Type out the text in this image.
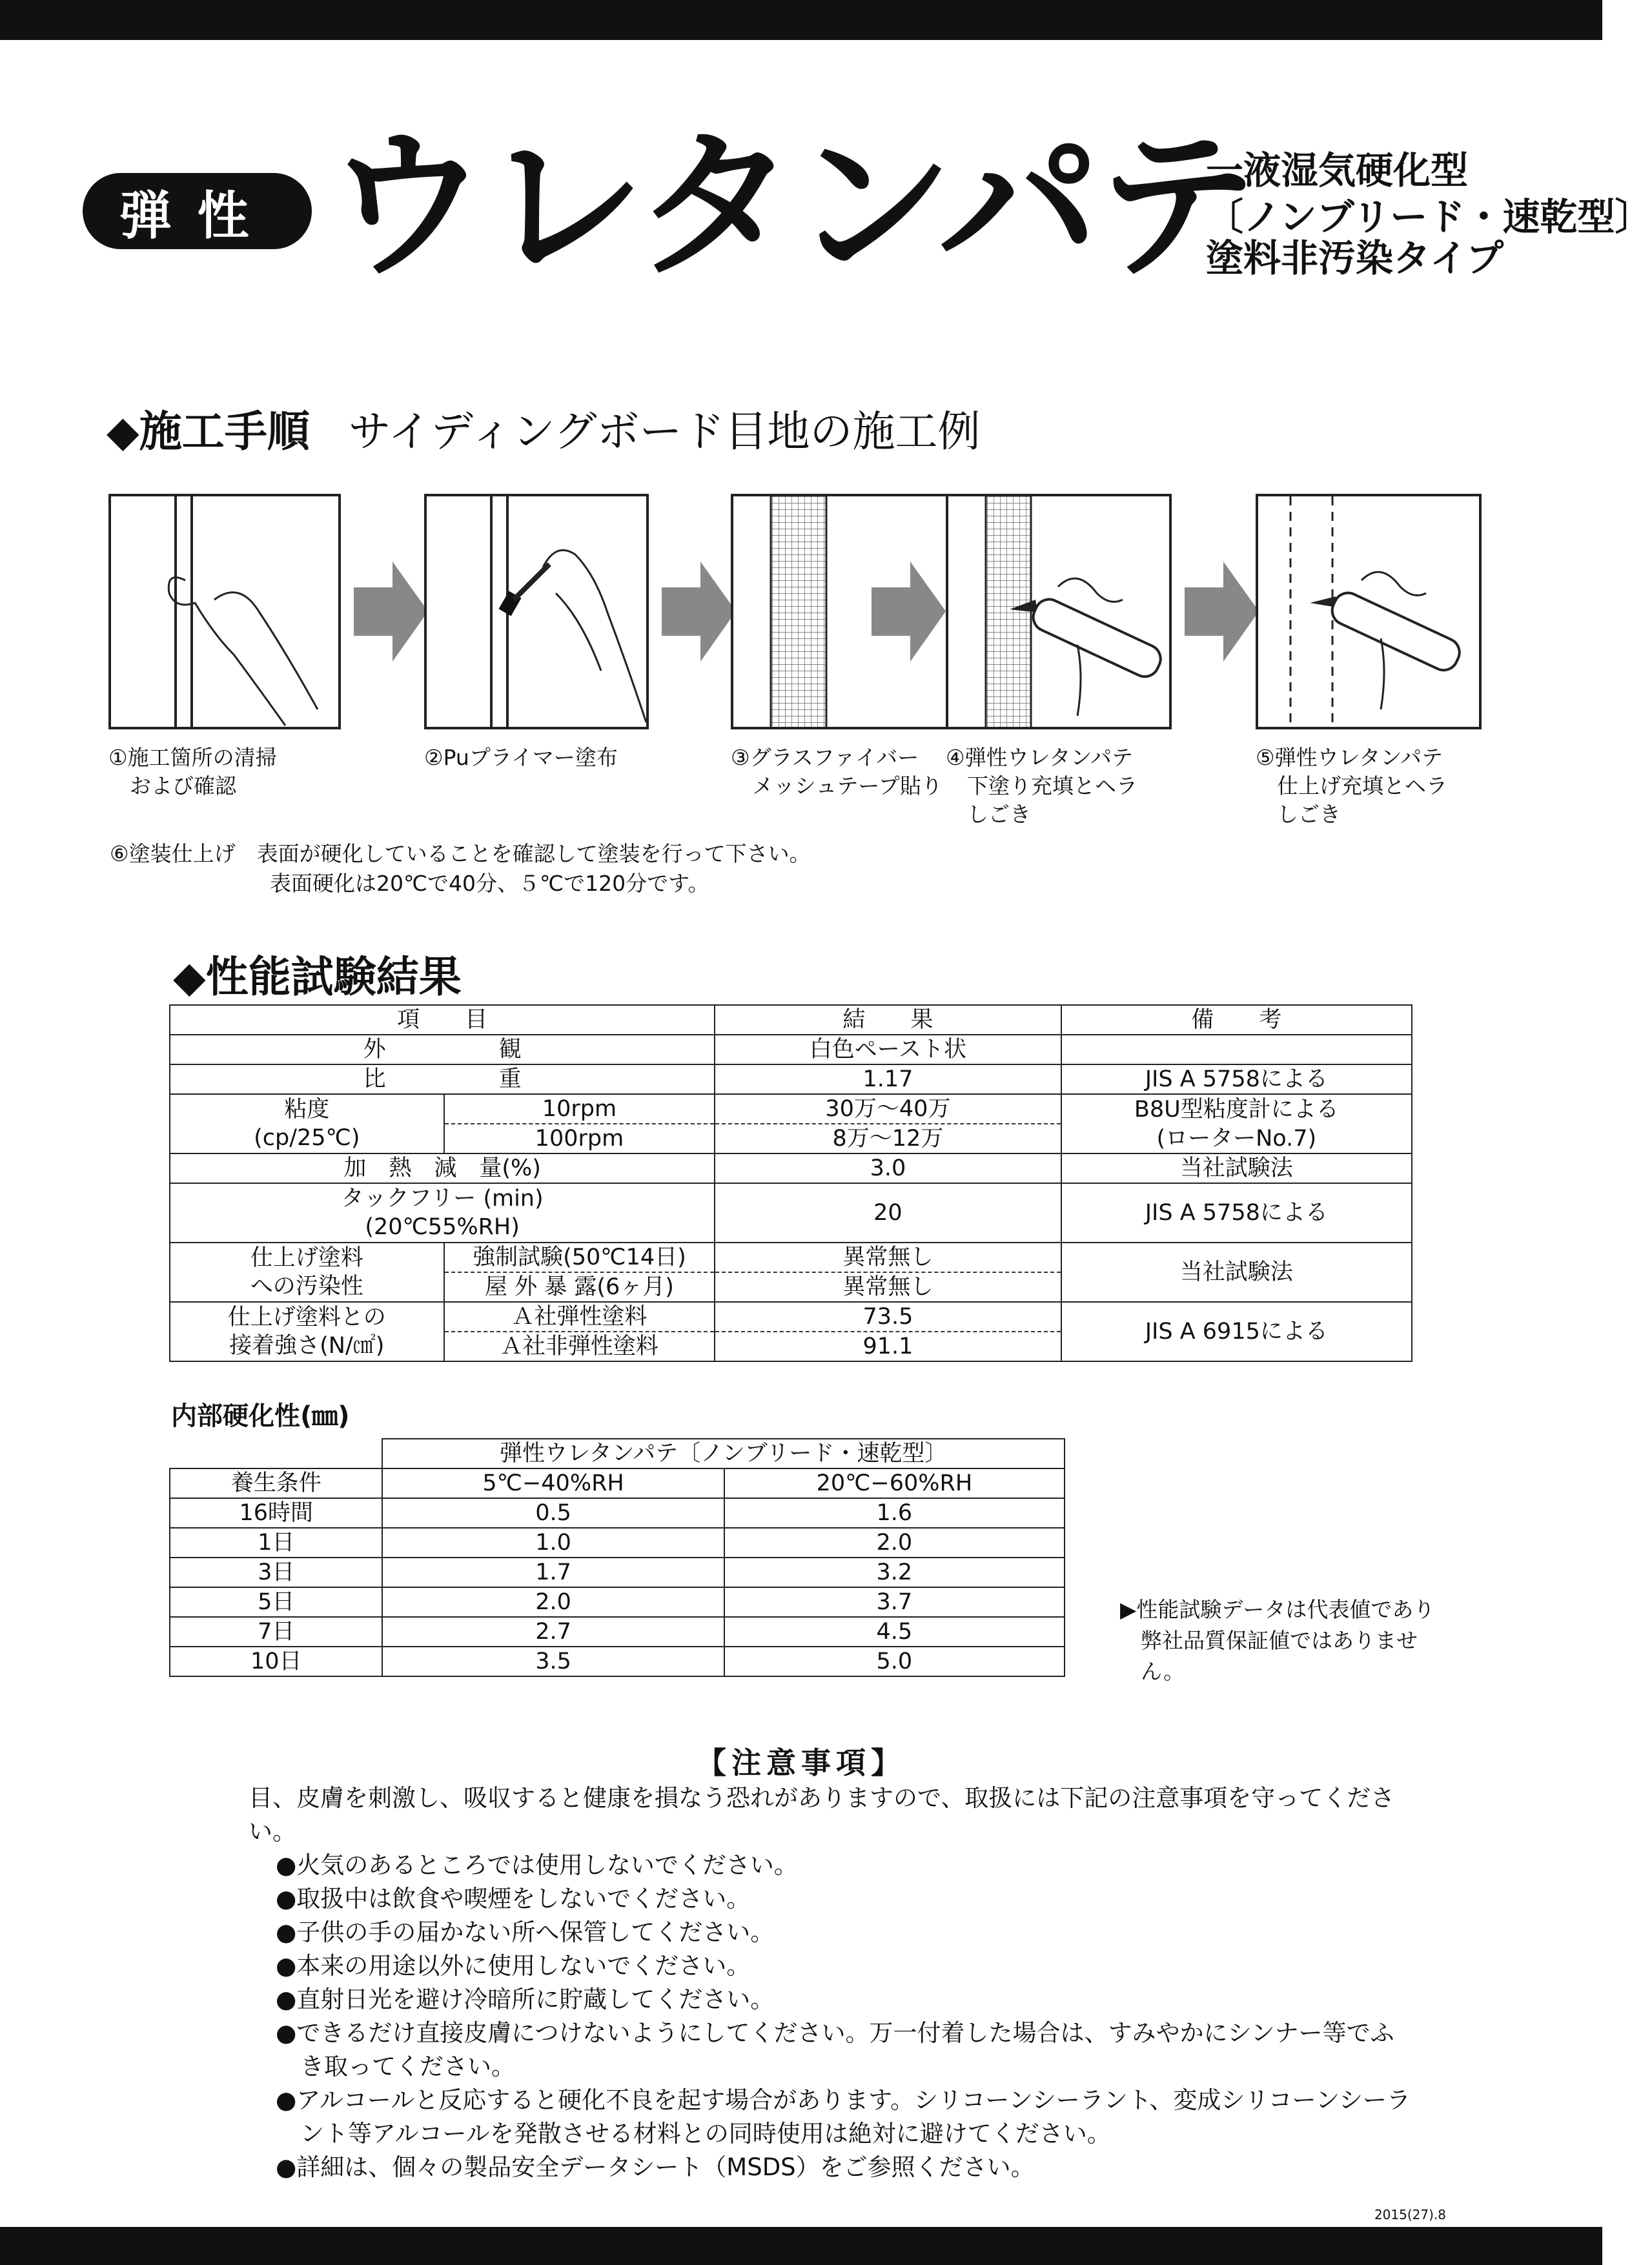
弾性 ウレタンパテ
一液湿気硬化型
〔ノンブリード・速乾型〕
塗料非汚染タイプ
◆施工手順 サイディングボード目地の施工例
①施工箇所の清掃
　および確認
②Puプライマー塗布	③グラスファイバー
　メッシュテープ貼り
④弾性ウレタンパテ
　下塗り充填とヘラ
　しごき
⑤弾性ウレタンパテ
　仕上げ充填とヘラ
　しごき
⑥塗装仕上げ　 表面が硬化していることを確認して塗装を行って下さい。
表面硬化は20℃で40分、５℃で120分です。
◆性能試験結果
項　　目		結　　果	備　　考
外　　　　　観		白色ペースト状	
比　　　　　重		1.17	JIS A 5758による

粘度
(cp/25℃)	10rpm	30万〜40万	B8U型粘度計による
	100rpm	8万〜12万	(ローターNo.7)
加　熱　減　量(%)		3.0	当社試験法

タックフリー (min)
(20℃55%RH)		20	JIS A 5758による

仕上げ塗料
への汚染性	強制試験(50℃14日)	異常無し	当社試験法
	屋 外 暴 露(6ヶ月)	異常無し	

仕上げ塗料との
接着強さ(N/㎠)	Ａ社弾性塗料	73.5	JIS A 6915による
	Ａ社非弾性塗料	91.1	
内部硬化性(㎜)
	弾性ウレタンパテ〔ノンブリード・速乾型〕	
養生条件	5℃−40%RH	20℃−60%RH
16時間	0.5	1.6
1日	1.0	2.0
3日	1.7	3.2
5日	2.0	3.7
7日	2.7	4.5
10日	3.5	5.0
▶性能試験データは代表値であり弊社品質保証値ではありません。
【注意事項】
目、皮膚を刺激し、吸収すると健康を損なう恐れがありますので、取扱には下記の注意事項を守ってください。
●火気のあるところでは使用しないでください。
●取扱中は飲食や喫煙をしないでください。
●子供の手の届かない所へ保管してください。
●本来の用途以外に使用しないでください。
●直射日光を避け冷暗所に貯蔵してください。
●できるだけ直接皮膚につけないようにしてください。万一付着した場合は、すみやかにシンナー等でふき取ってください。
●アルコールと反応すると硬化不良を起す場合があります。シリコーンシーラント、変成シリコーンシーラント等アルコールを発散させる材料との同時使用は絶対に避けてください。
●詳細は、個々の製品安全データシート（MSDS）をご参照ください。
2015(27).8
